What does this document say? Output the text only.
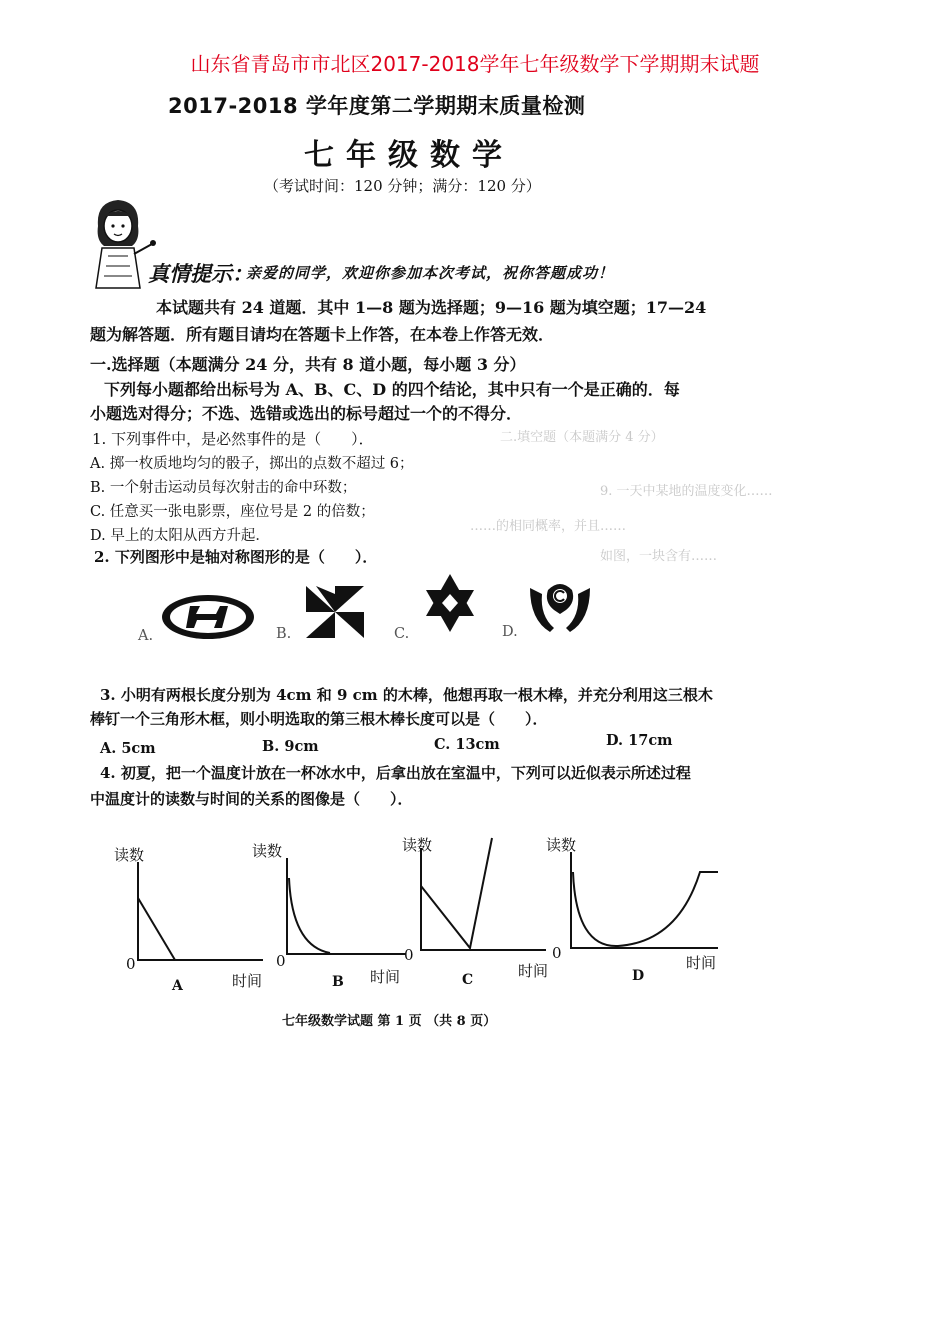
山东省青岛市市北区2017-2018学年七年级数学下学期期末试题
2017-2018 学年度第二学期期末质量检测
七年级数学
（考试时间：120 分钟；满分：120 分）
二.填空题（本题满分 4 分）
9. 一天中某地的温度变化……
……的相同概率，并且……
如图，一块含有……
真情提示：
亲爱的同学，欢迎你参加本次考试，祝你答题成功！
本试题共有 24 道题．其中 1—8 题为选择题；9—16 题为填空题；17—24
题为解答题．所有题目请均在答题卡上作答，在本卷上作答无效．
一.选择题（本题满分 24 分，共有 8 道小题，每小题 3 分）
下列每小题都给出标号为 A、B、C、D 的四个结论，其中只有一个是正确的．每
小题选对得分；不选、选错或选出的标号超过一个的不得分．
1. 下列事件中，是必然事件的是（　　）．
A. 掷一枚质地均匀的骰子，掷出的点数不超过 6；
B. 一个射击运动员每次射击的命中环数；
C. 任意买一张电影票，座位号是 2 的倍数；
D. 早上的太阳从西方升起．
2. 下列图形中是轴对称图形的是（　　）．
A.	B.	C.	D.
3. 小明有两根长度分别为 4cm 和 9 cm 的木棒，他想再取一根木棒，并充分利用这三根木
棒钉一个三角形木框，则小明选取的第三根木棒长度可以是（　　）．
A. 5cm	B. 9cm	C. 13cm	D. 17cm
4. 初夏，把一个温度计放在一杯冰水中，后拿出放在室温中，下列可以近似表示所述过程
中温度计的读数与时间的关系的图像是（　　）．
读数
0
时间
A
读数
0
时间
B
读数
0
时间
C
读数
0
时间
D
七年级数学试题 第 1 页 （共 8 页）
